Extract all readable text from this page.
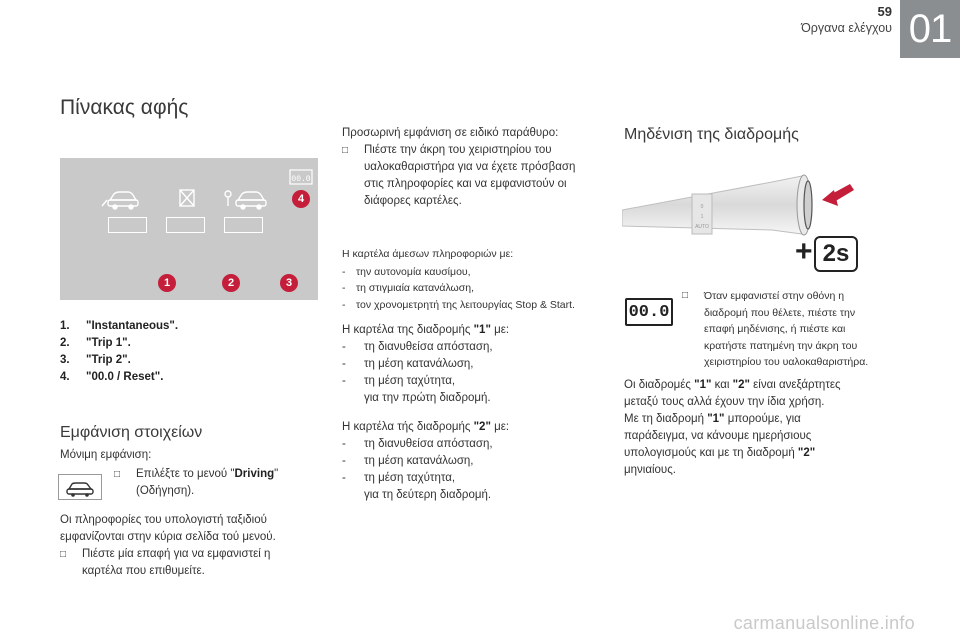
59
Όργανα ελέγχου 01
Πίνακας αφής
00.0
1	2	3
4
1. "Instantaneous".
2. "Trip 1".
3. "Trip 2".
4. "00.0 / Reset".
Εμφάνιση στοιχείων
Μόνιμη εμφάνιση:
□	Επιλέξτε το μενού "Driving"
(Οδήγηση).
Οι πληροφορίες του υπολογιστή ταξιδιού
εμφανίζονται στην κύρια σελίδα τού μενού.
□ Πιέστε μία επαφή για να εμφανιστεί η
καρτέλα που επιθυμείτε.
Προσωρινή εμφάνιση σε ειδικό παράθυρο:
□ Πιέστε την άκρη του χειριστηρίου του
υαλοκαθαριστήρα για να έχετε πρόσβαση
στις πληροφορίες και να εμφανιστούν οι
διάφορες καρτέλες.
Η καρτέλα άμεσων πληροφοριών με:
- την αυτονομία καυσίμου,
- τη στιγμιαία κατανάλωση,
- τον χρονομετρητή της λειτουργίας Stop & Start.
Η καρτέλα της διαδρομής "1" με:
- τη διανυθείσα απόσταση,
- τη μέση κατανάλωση,
- τη μέση ταχύτητα,
για την πρώτη διαδρομή.
Η καρτέλα τής διαδρομής "2" με:
- τη διανυθείσα απόσταση,
- τη μέση κατανάλωση,
- τη μέση ταχύτητα,
για τη δεύτερη διαδρομή.
Μηδένιση της διαδρομής
0
1
AUTO
+ 2s
00.0
□ Όταν εμφανιστεί στην οθόνη η
διαδρομή που θέλετε, πιέστε την
επαφή μηδένισης, ή πιέστε και
κρατήστε πατημένη την άκρη του
χειριστηρίου του υαλοκαθαριστήρα.
Οι διαδρομές "1" και "2" είναι ανεξάρτητες
μεταξύ τους αλλά έχουν την ίδια χρήση.
Με τη διαδρομή "1" μπορούμε, για
παράδειγμα, να κάνουμε ημερήσιους
υπολογισμούς και με τη διαδρομή "2"
μηνιαίους.
carmanualsonline.info
